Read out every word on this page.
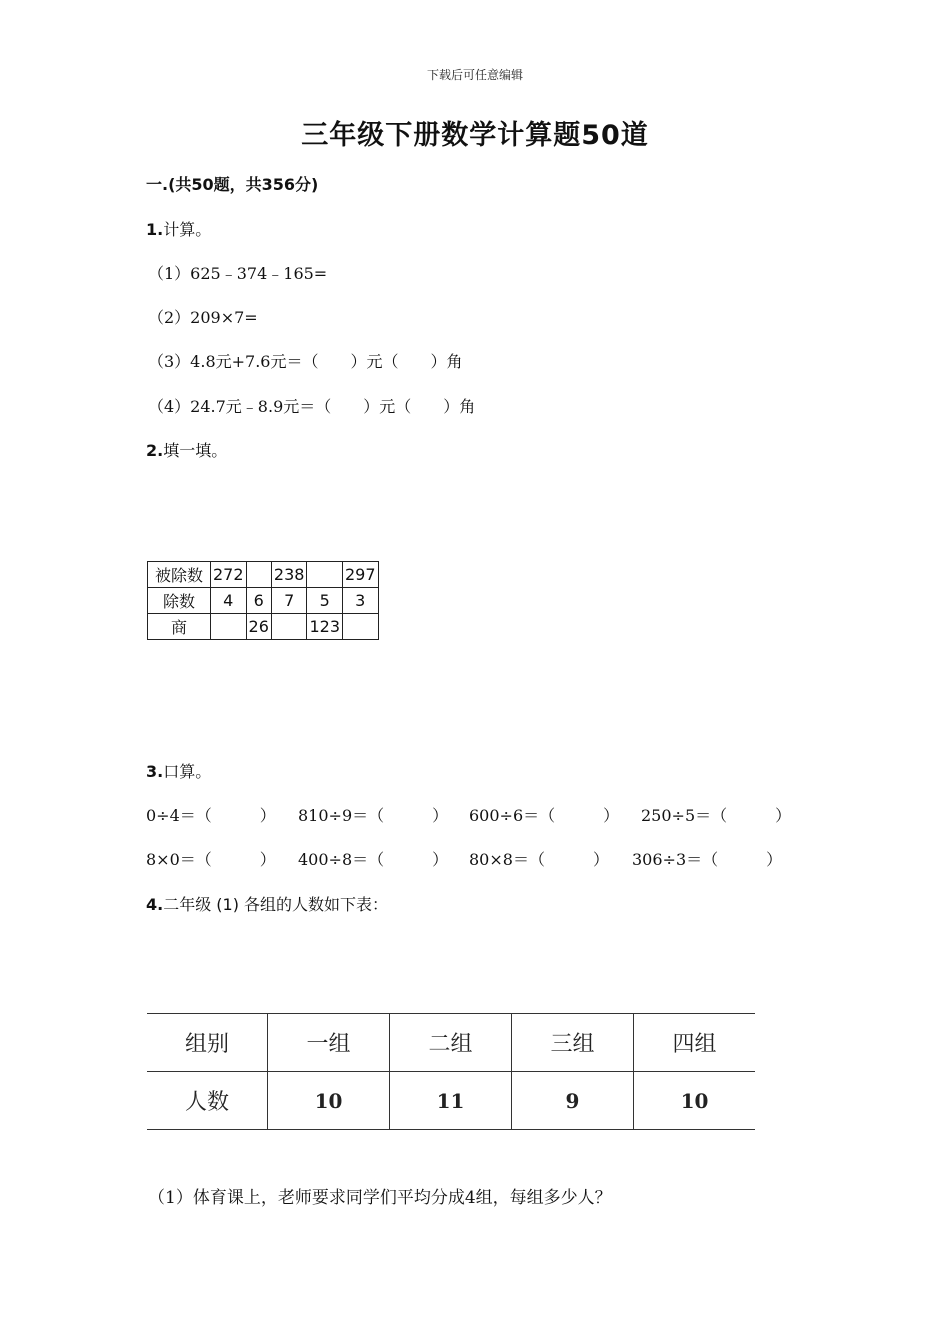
下载后可任意编辑
三年级下册数学计算题50道
一.(共50题，共356分)
1.计算。
（1）625﹣374﹣165=
（2）209×7=
（3）4.8元+7.6元＝（　　）元（　　）角
（4）24.7元﹣8.9元＝（　　）元（　　）角
2.填一填。
被除数	272		238		297
除数	4	6	7	5	3
商		26		123	
3.口算。
0÷4＝（　　　） 810÷9＝（　　　） 600÷6＝（　　　） 250÷5＝（　　　）
8×0＝（　　　） 400÷8＝（　　　） 80×8＝（　　　） 306÷3＝（　　　）
4.二年级 (1) 各组的人数如下表：
组别	一组	二组	三组	四组
人数	10	11	9	10
（1）体育课上，老师要求同学们平均分成4组，每组多少人？
